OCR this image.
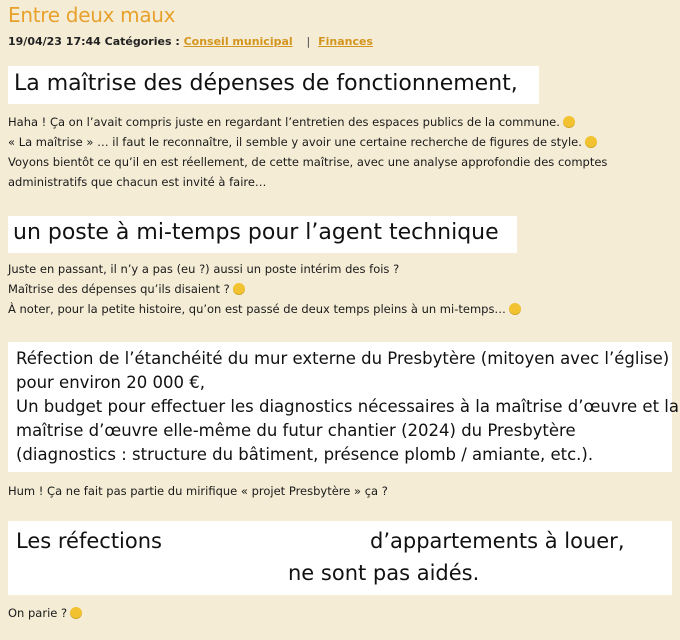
Entre deux maux
19/04/23 17:44 Catégories : Conseil municipal | Finances
La maîtrise des dépenses de fonctionnement,
Haha ! Ça on l’avait compris juste en regardant l’entretien des espaces publics de la commune.
« La maîtrise » … il faut le reconnaître, il semble y avoir une certaine recherche de figures de style.
Voyons bientôt ce qu’il en est réellement, de cette maîtrise, avec une analyse approfondie des comptes
administratifs que chacun est invité à faire…
un poste à mi-temps pour l’agent technique
Juste en passant, il n’y a pas (eu ?) aussi un poste intérim des fois ?
Maîtrise des dépenses qu’ils disaient ?
À noter, pour la petite histoire, qu’on est passé de deux temps pleins à un mi-temps…
Réfection de l’étanchéité du mur externe du Presbytère (mitoyen avec l’église)
pour environ 20 000 €,
Un budget pour effectuer les diagnostics nécessaires à la maîtrise d’œuvre et la
maîtrise d’œuvre elle-même du futur chantier (2024) du Presbytère
(diagnostics : structure du bâtiment, présence plomb / amiante, etc.).
Hum ! Ça ne fait pas partie du mirifique « projet Presbytère » ça ?
Les réfections	d’appartements à louer,
ne sont pas aidés.
On parie ?
